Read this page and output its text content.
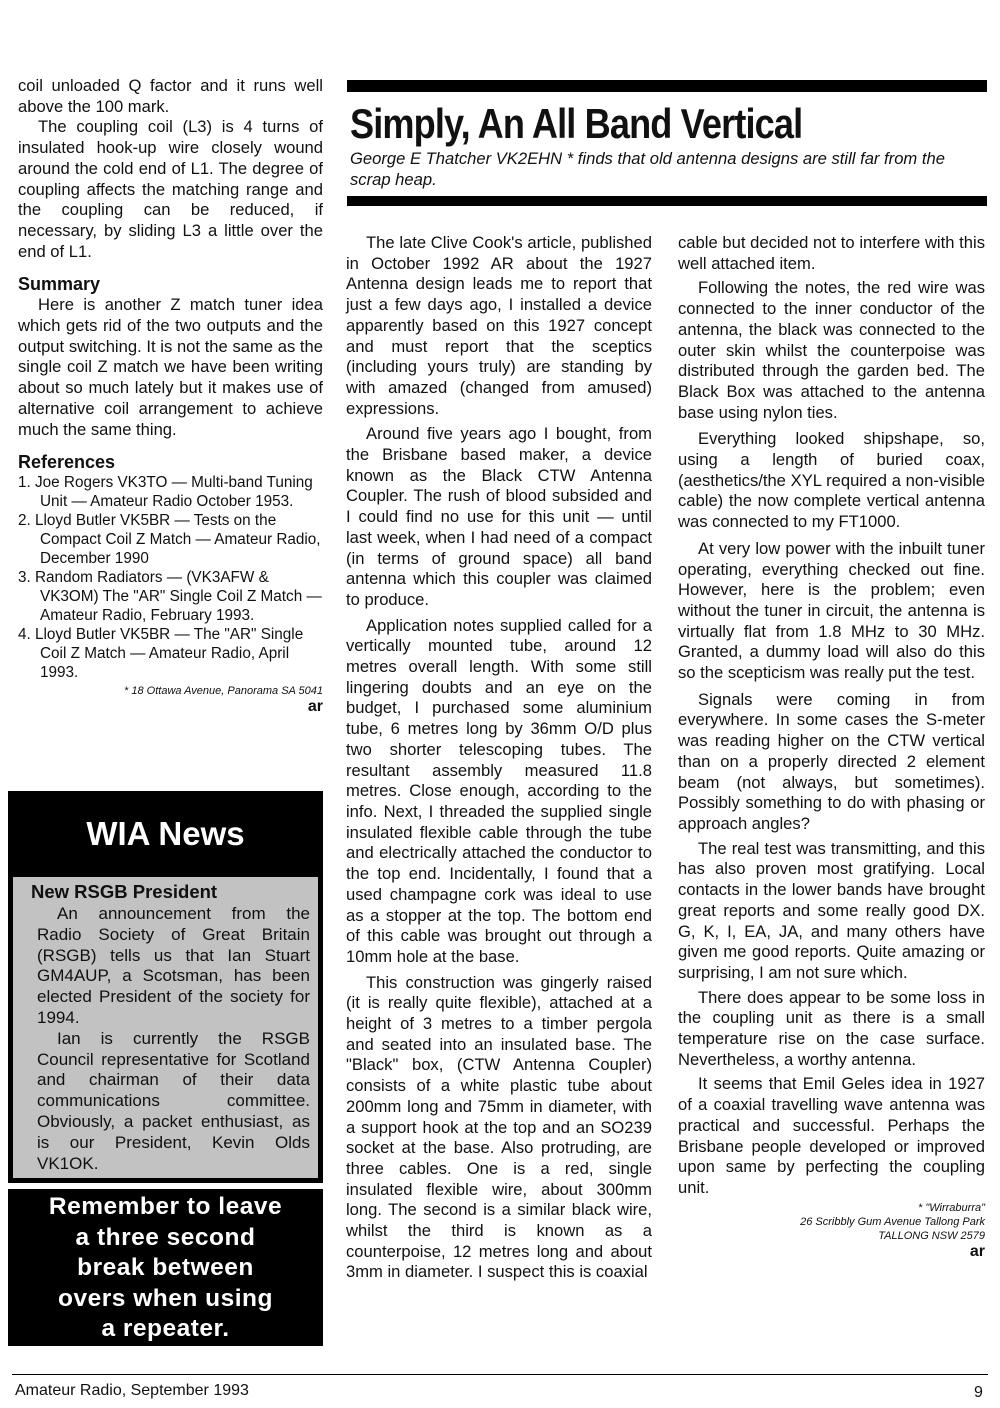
coil unloaded Q factor and it runs well above the 100 mark.

The coupling coil (L3) is 4 turns of insulated hook-up wire closely wound around the cold end of L1. The degree of coupling affects the matching range and the coupling can be reduced, if necessary, by sliding L3 a little over the end of L1.

Summary

Here is another Z match tuner idea which gets rid of the two outputs and the output switching. It is not the same as the single coil Z match we have been writing about so much lately but it makes use of alternative coil arrangement to achieve much the same thing.

References

1. Joe Rogers VK3TO — Multi-band Tuning Unit — Amateur Radio October 1953.
2. Lloyd Butler VK5BR — Tests on the Compact Coil Z Match — Amateur Radio, December 1990
3. Random Radiators — (VK3AFW & VK3OM) The "AR" Single Coil Z Match — Amateur Radio, February 1993.
4. Lloyd Butler VK5BR — The "AR" Single Coil Z Match — Amateur Radio, April 1993.

* 18 Ottawa Avenue, Panorama SA 5041

ar

WIA News

New RSGB President

An announcement from the Radio Society of Great Britain (RSGB) tells us that Ian Stuart GM4AUP, a Scotsman, has been elected President of the society for 1994.

Ian is currently the RSGB Council representative for Scotland and chairman of their data communications committee. Obviously, a packet enthusiast, as is our President, Kevin Olds VK1OK.

Remember to leave
a three second
break between
overs when using
a repeater.
Simply, An All Band Vertical

George E Thatcher VK2EHN * finds that old antenna designs are still far from the scrap heap.

The late Clive Cook's article, published in October 1992 AR about the 1927 Antenna design leads me to report that just a few days ago, I installed a device apparently based on this 1927 concept and must report that the sceptics (including yours truly) are standing by with amazed (changed from amused) expressions.

Around five years ago I bought, from the Brisbane based maker, a device known as the Black CTW Antenna Coupler. The rush of blood subsided and I could find no use for this unit — until last week, when I had need of a compact (in terms of ground space) all band antenna which this coupler was claimed to produce.

Application notes supplied called for a vertically mounted tube, around 12 metres overall length. With some still lingering doubts and an eye on the budget, I purchased some aluminium tube, 6 metres long by 36mm O/D plus two shorter telescoping tubes. The resultant assembly measured 11.8 metres. Close enough, according to the info. Next, I threaded the supplied single insulated flexible cable through the tube and electrically attached the conductor to the top end. Incidentally, I found that a used champagne cork was ideal to use as a stopper at the top. The bottom end of this cable was brought out through a 10mm hole at the base.

This construction was gingerly raised (it is really quite flexible), attached at a height of 3 metres to a timber pergola and seated into an insulated base. The "Black" box, (CTW Antenna Coupler) consists of a white plastic tube about 200mm long and 75mm in diameter, with a support hook at the top and an SO239 socket at the base. Also protruding, are three cables. One is a red, single insulated flexible wire, about 300mm long. The second is a similar black wire, whilst the third is known as a counterpoise, 12 metres long and about 3mm in diameter. I suspect this is coaxial

cable but decided not to interfere with this well attached item.

Following the notes, the red wire was connected to the inner conductor of the antenna, the black was connected to the outer skin whilst the counterpoise was distributed through the garden bed. The Black Box was attached to the antenna base using nylon ties.

Everything looked shipshape, so, using a length of buried coax, (aesthetics/the XYL required a non-visible cable) the now complete vertical antenna was connected to my FT1000.

At very low power with the inbuilt tuner operating, everything checked out fine. However, here is the problem; even without the tuner in circuit, the antenna is virtually flat from 1.8 MHz to 30 MHz. Granted, a dummy load will also do this so the scepticism was really put the test.

Signals were coming in from everywhere. In some cases the S-meter was reading higher on the CTW vertical than on a properly directed 2 element beam (not always, but sometimes). Possibly something to do with phasing or approach angles?

The real test was transmitting, and this has also proven most gratifying. Local contacts in the lower bands have brought great reports and some really good DX. G, K, I, EA, JA, and many others have given me good reports. Quite amazing or surprising, I am not sure which.

There does appear to be some loss in the coupling unit as there is a small temperature rise on the case surface. Nevertheless, a worthy antenna.

It seems that Emil Geles idea in 1927 of a coaxial travelling wave antenna was practical and successful. Perhaps the Brisbane people developed or improved upon same by perfecting the coupling unit.

* "Wirraburra"

26 Scribbly Gum Avenue Tallong Park

TALLONG NSW 2579

ar

Amateur Radio, September 1993	9
